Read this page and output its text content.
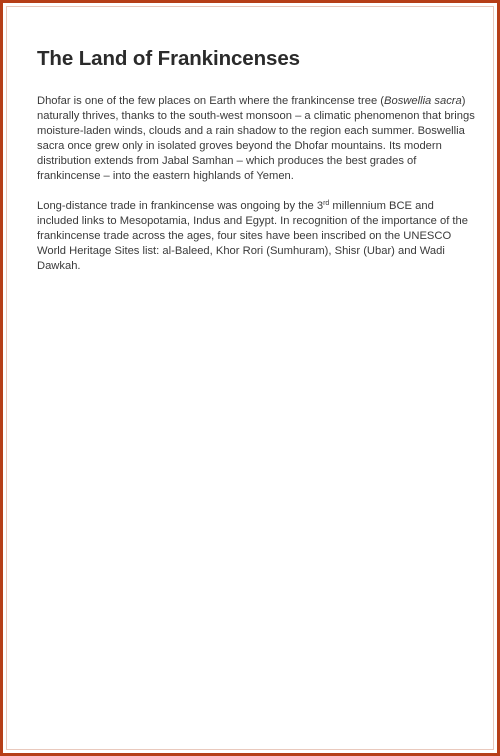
The Land of Frankincenses

Dhofar is one of the few places on Earth where the frankincense tree (Boswellia sacra) naturally thrives, thanks to the south-west monsoon – a climatic phenomenon that brings moisture-laden winds, clouds and a rain shadow to the region each summer. Boswellia sacra once grew only in isolated groves beyond the Dhofar mountains. Its modern distribution extends from Jabal Samhan – which produces the best grades of frankincense – into the eastern highlands of Yemen.

Long-distance trade in frankincense was ongoing by the 3rd millennium BCE and included links to Mesopotamia, Indus and Egypt. In recognition of the importance of the frankincense trade across the ages, four sites have been inscribed on the UNESCO World Heritage Sites list: al-Baleed, Khor Rori (Sumhuram), Shisr (Ubar) and Wadi Dawkah.
